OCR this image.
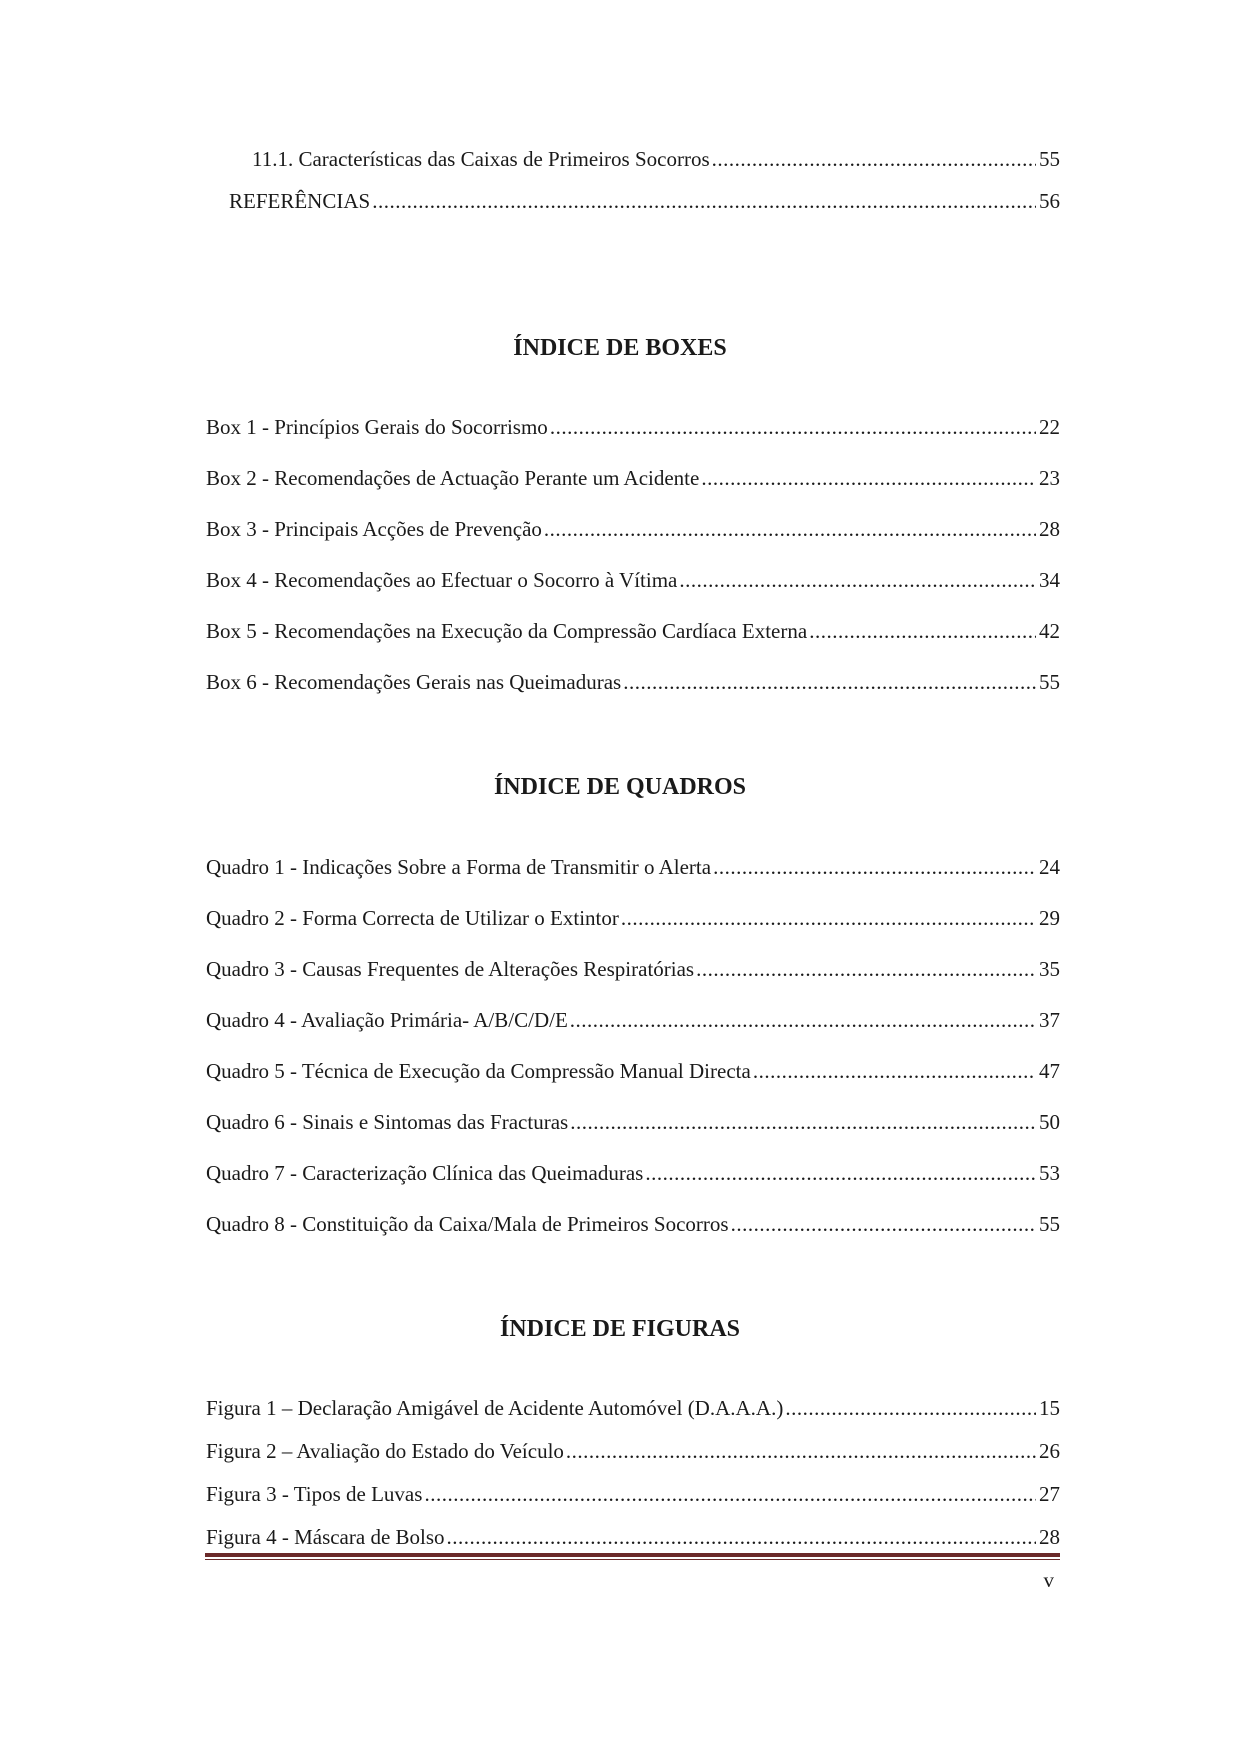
11.1. Características das Caixas de Primeiros Socorros .....	55
REFERÊNCIAS .....	56
ÍNDICE DE BOXES
Box 1 - Princípios Gerais do Socorrismo .....	22
Box 2 - Recomendações de Actuação Perante um Acidente .....	23
Box 3 - Principais Acções de Prevenção .....	28
Box 4 - Recomendações ao Efectuar o Socorro à Vítima .....	34
Box 5 - Recomendações na Execução da Compressão Cardíaca Externa .....	42
Box 6 - Recomendações Gerais nas Queimaduras .....	55
ÍNDICE DE QUADROS
Quadro 1 - Indicações Sobre a Forma de Transmitir o Alerta .....	24
Quadro 2 - Forma Correcta de Utilizar o Extintor .....	29
Quadro 3 - Causas Frequentes de Alterações Respiratórias .....	35
Quadro 4 - Avaliação Primária- A/B/C/D/E .....	37
Quadro 5 - Técnica de Execução da Compressão Manual Directa .....	47
Quadro 6 - Sinais e Sintomas das Fracturas .....	50
Quadro 7 - Caracterização Clínica das Queimaduras .....	53
Quadro 8 - Constituição da Caixa/Mala de Primeiros Socorros .....	55
ÍNDICE DE FIGURAS
Figura 1 – Declaração Amigável de Acidente Automóvel (D.A.A.A.) .....	15
Figura 2 – Avaliação do Estado do Veículo .....	26
Figura 3 - Tipos de Luvas .....	27
Figura 4 - Máscara de Bolso .....	28
v
